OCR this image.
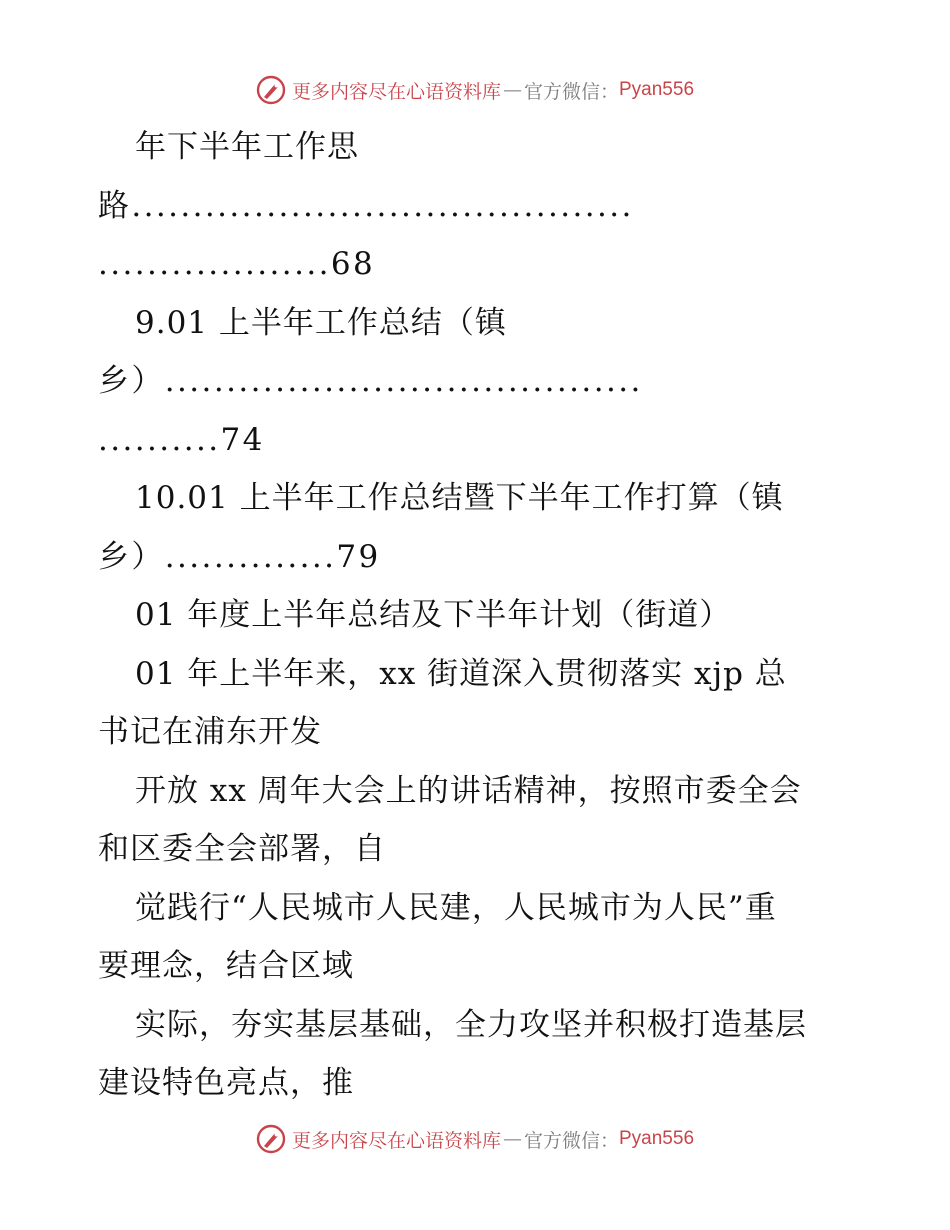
更多内容尽在心语资料库 — 官方微信： Pyan556
年下半年工作思
路.........................................
...................68
9.01 上半年工作总结（镇
乡）.......................................
..........74
10.01 上半年工作总结暨下半年工作打算（镇
乡）..............79
01 年度上半年总结及下半年计划（街道）
01 年上半年来，xx 街道深入贯彻落实 xjp 总
书记在浦东开发
开放 xx 周年大会上的讲话精神，按照市委全会
和区委全会部署，自
觉践行“人民城市人民建，人民城市为人民”重
要理念，结合区域
实际，夯实基层基础，全力攻坚并积极打造基层
建设特色亮点，推
更多内容尽在心语资料库 — 官方微信： Pyan556
